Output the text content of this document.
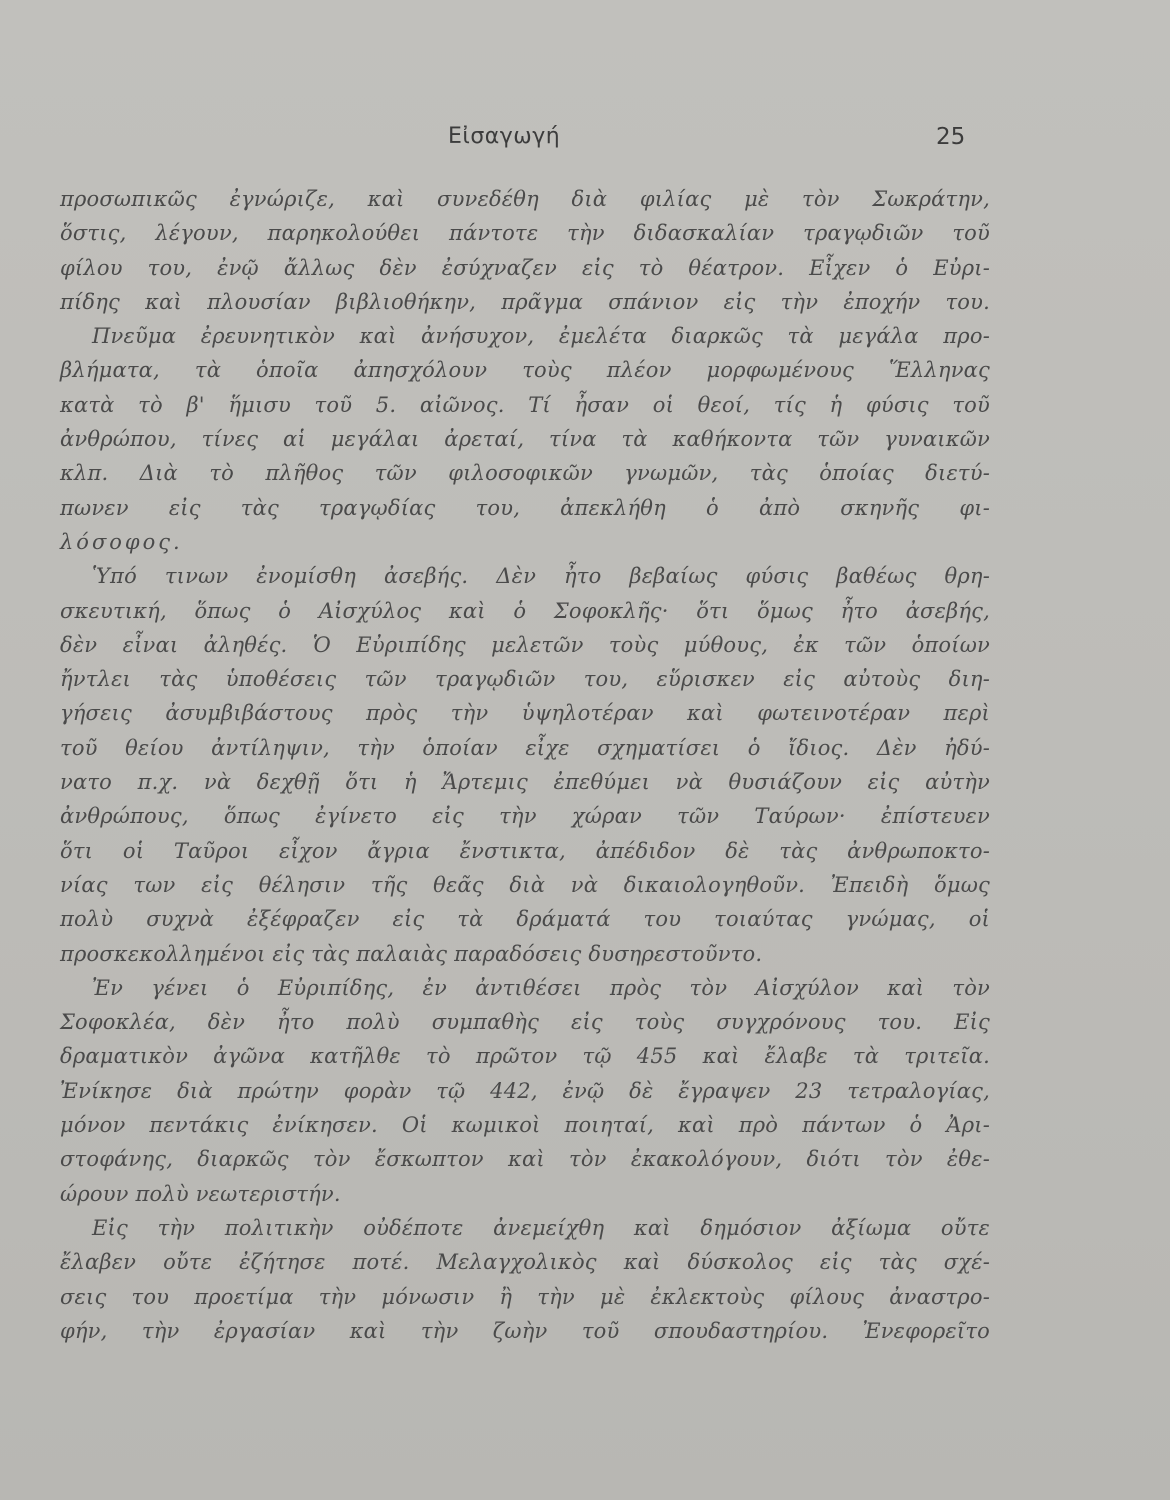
Εἰσαγωγή	25
προσωπικῶς ἐγνώριζε, καὶ συνεδέθη διὰ φιλίας μὲ τὸν Σωκράτην,
ὅστις, λέγουν, παρηκολούθει πάντοτε τὴν διδασκαλίαν τραγῳδιῶν τοῦ
φίλου του, ἐνῷ ἄλλως δὲν ἐσύχναζεν εἰς τὸ θέατρον. Εἶχεν ὁ Εὐρι-
πίδης καὶ πλουσίαν βιβλιοθήκην, πρᾶγμα σπάνιον εἰς τὴν ἐποχήν του.
Πνεῦμα ἐρευνητικὸν καὶ ἀνήσυχον, ἐμελέτα διαρκῶς τὰ μεγάλα προ-
βλήματα, τὰ ὁποῖα ἀπησχόλουν τοὺς πλέον μορφωμένους Ἕλληνας
κατὰ τὸ β' ἥμισυ τοῦ 5. αἰῶνος. Τί ἦσαν οἱ θεοί, τίς ἡ φύσις τοῦ
ἀνθρώπου, τίνες αἱ μεγάλαι ἀρεταί, τίνα τὰ καθήκοντα τῶν γυναικῶν
κλπ. Διὰ τὸ πλῆθος τῶν φιλοσοφικῶν γνωμῶν, τὰς ὁποίας διετύ-
πωνεν εἰς τὰς τραγῳδίας του, ἀπεκλήθη ὁ ἀπὸ σκηνῆς φι-
λόσοφος.
Ὑπό τινων ἐνομίσθη ἀσεβής. Δὲν ἦτο βεβαίως φύσις βαθέως θρη-
σκευτική, ὅπως ὁ Αἰσχύλος καὶ ὁ Σοφοκλῆς· ὅτι ὅμως ἦτο ἀσεβής,
δὲν εἶναι ἀληθές. Ὁ Εὐριπίδης μελετῶν τοὺς μύθους, ἐκ τῶν ὁποίων
ἤντλει τὰς ὑποθέσεις τῶν τραγῳδιῶν του, εὕρισκεν εἰς αὐτοὺς διη-
γήσεις ἀσυμβιβάστους πρὸς τὴν ὑψηλοτέραν καὶ φωτεινοτέραν περὶ
τοῦ θείου ἀντίληψιν, τὴν ὁποίαν εἶχε σχηματίσει ὁ ἴδιος. Δὲν ἠδύ-
νατο π.χ. νὰ δεχθῇ ὅτι ἡ Ἄρτεμις ἐπεθύμει νὰ θυσιάζουν εἰς αὐτὴν
ἀνθρώπους, ὅπως ἐγίνετο εἰς τὴν χώραν τῶν Ταύρων· ἐπίστευεν
ὅτι οἱ Ταῦροι εἶχον ἄγρια ἔνστικτα, ἀπέδιδον δὲ τὰς ἀνθρωποκτο-
νίας των εἰς θέλησιν τῆς θεᾶς διὰ νὰ δικαιολογηθοῦν. Ἐπειδὴ ὅμως
πολὺ συχνὰ ἐξέφραζεν εἰς τὰ δράματά του τοιαύτας γνώμας, οἱ
προσκεκολλημένοι εἰς τὰς παλαιὰς παραδόσεις δυσηρεστοῦντο.
Ἐν γένει ὁ Εὐριπίδης, ἐν ἀντιθέσει πρὸς τὸν Αἰσχύλον καὶ τὸν
Σοφοκλέα, δὲν ἦτο πολὺ συμπαθὴς εἰς τοὺς συγχρόνους του. Εἰς
δραματικὸν ἀγῶνα κατῆλθε τὸ πρῶτον τῷ 455 καὶ ἔλαβε τὰ τριτεῖα.
Ἐνίκησε διὰ πρώτην φορὰν τῷ 442, ἐνῷ δὲ ἔγραψεν 23 τετραλογίας,
μόνον πεντάκις ἐνίκησεν. Οἱ κωμικοὶ ποιηταί, καὶ πρὸ πάντων ὁ Ἀρι-
στοφάνης, διαρκῶς τὸν ἔσκωπτον καὶ τὸν ἐκακολόγουν, διότι τὸν ἐθε-
ώρουν πολὺ νεωτεριστήν.
Εἰς τὴν πολιτικὴν οὐδέποτε ἀνεμείχθη καὶ δημόσιον ἀξίωμα οὔτε
ἔλαβεν οὔτε ἐζήτησε ποτέ. Μελαγχολικὸς καὶ δύσκολος εἰς τὰς σχέ-
σεις του προετίμα τὴν μόνωσιν ἢ τὴν μὲ ἐκλεκτοὺς φίλους ἀναστρο-
φήν, τὴν ἐργασίαν καὶ τὴν ζωὴν τοῦ σπουδαστηρίου. Ἐνεφορεῖτο
